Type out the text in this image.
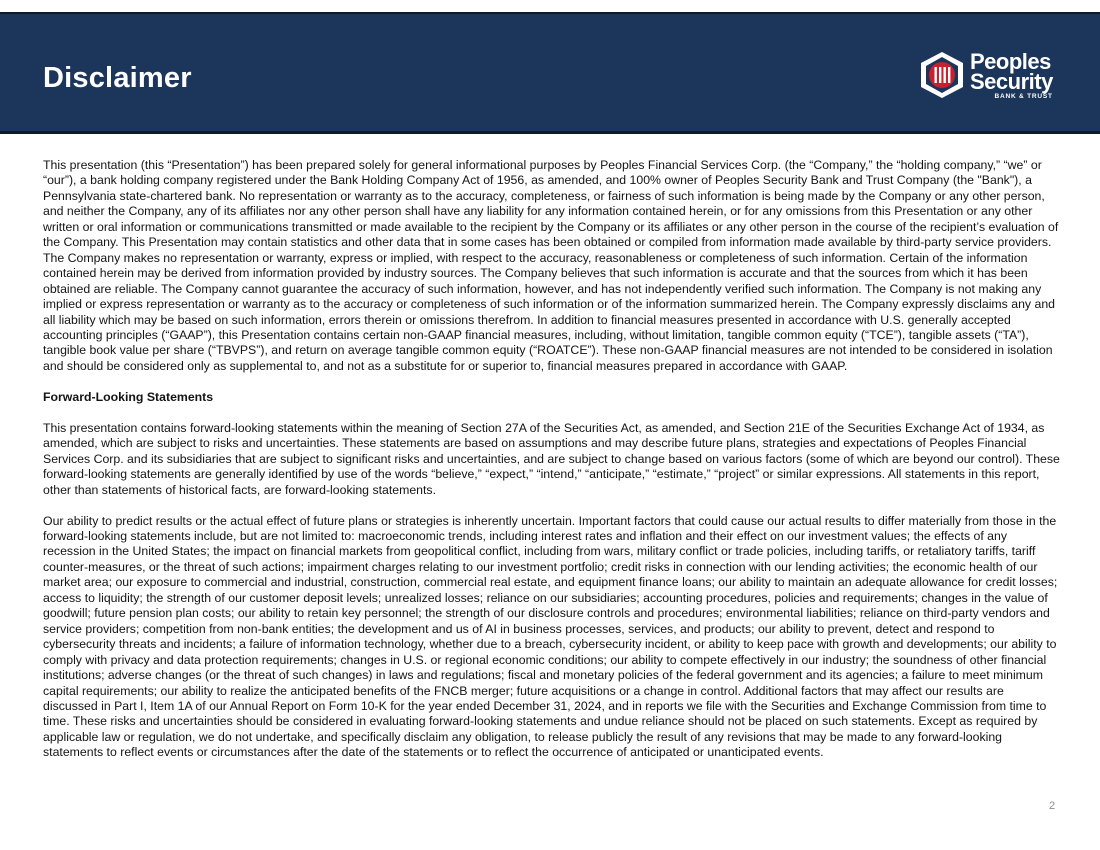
Disclaimer
Peoples
Security
BANK & TRUST

This presentation (this “Presentation”) has been prepared solely for general informational purposes by Peoples Financial Services Corp. (the “Company,” the “holding company,” “we” or “our”), a bank holding company registered under the Bank Holding Company Act of 1956, as amended, and 100% owner of Peoples Security Bank and Trust Company (the "Bank"), a Pennsylvania state-chartered bank. No representation or warranty as to the accuracy, completeness, or fairness of such information is being made by the Company or any other person, and neither the Company, any of its affiliates nor any other person shall have any liability for any information contained herein, or for any omissions from this Presentation or any other written or oral information or communications transmitted or made available to the recipient by the Company or its affiliates or any other person in the course of the recipient’s evaluation of the Company. This Presentation may contain statistics and other data that in some cases has been obtained or compiled from information made available by third-party service providers. The Company makes no representation or warranty, express or implied, with respect to the accuracy, reasonableness or completeness of such information. Certain of the information contained herein may be derived from information provided by industry sources. The Company believes that such information is accurate and that the sources from which it has been obtained are reliable. The Company cannot guarantee the accuracy of such information, however, and has not independently verified such information. The Company is not making any implied or express representation or warranty as to the accuracy or completeness of such information or of the information summarized herein. The Company expressly disclaims any and all liability which may be based on such information, errors therein or omissions therefrom. In addition to financial measures presented in accordance with U.S. generally accepted accounting principles (“GAAP”), this Presentation contains certain non-GAAP financial measures, including, without limitation, tangible common equity (“TCE”), tangible assets (“TA”), tangible book value per share (“TBVPS”), and return on average tangible common equity (“ROATCE”). These non-GAAP financial measures are not intended to be considered in isolation and should be considered only as supplemental to, and not as a substitute for or superior to, financial measures prepared in accordance with GAAP.

Forward-Looking Statements

This presentation contains forward-looking statements within the meaning of Section 27A of the Securities Act, as amended, and Section 21E of the Securities Exchange Act of 1934, as amended, which are subject to risks and uncertainties. These statements are based on assumptions and may describe future plans, strategies and expectations of Peoples Financial Services Corp. and its subsidiaries that are subject to significant risks and uncertainties, and are subject to change based on various factors (some of which are beyond our control). These forward-looking statements are generally identified by use of the words “believe,” “expect,” “intend,” “anticipate,” “estimate,” “project” or similar expressions. All statements in this report, other than statements of historical facts, are forward-looking statements.

Our ability to predict results or the actual effect of future plans or strategies is inherently uncertain. Important factors that could cause our actual results to differ materially from those in the forward-looking statements include, but are not limited to: macroeconomic trends, including interest rates and inflation and their effect on our investment values; the effects of any recession in the United States; the impact on financial markets from geopolitical conflict, including from wars, military conflict or trade policies, including tariffs, or retaliatory tariffs, tariff counter-measures, or the threat of such actions; impairment charges relating to our investment portfolio; credit risks in connection with our lending activities; the economic health of our market area; our exposure to commercial and industrial, construction, commercial real estate, and equipment finance loans; our ability to maintain an adequate allowance for credit losses; access to liquidity; the strength of our customer deposit levels; unrealized losses; reliance on our subsidiaries; accounting procedures, policies and requirements; changes in the value of goodwill; future pension plan costs; our ability to retain key personnel; the strength of our disclosure controls and procedures; environmental liabilities; reliance on third-party vendors and service providers; competition from non-bank entities; the development and us of AI in business processes, services, and products; our ability to prevent, detect and respond to cybersecurity threats and incidents; a failure of information technology, whether due to a breach, cybersecurity incident, or ability to keep pace with growth and developments; our ability to comply with privacy and data protection requirements; changes in U.S. or regional economic conditions; our ability to compete effectively in our industry; the soundness of other financial institutions; adverse changes (or the threat of such changes) in laws and regulations; fiscal and monetary policies of the federal government and its agencies; a failure to meet minimum capital requirements; our ability to realize the anticipated benefits of the FNCB merger; future acquisitions or a change in control. Additional factors that may affect our results are discussed in Part I, Item 1A of our Annual Report on Form 10-K for the year ended December 31, 2024, and in reports we file with the Securities and Exchange Commission from time to time. These risks and uncertainties should be considered in evaluating forward-looking statements and undue reliance should not be placed on such statements. Except as required by applicable law or regulation, we do not undertake, and specifically disclaim any obligation, to release publicly the result of any revisions that may be made to any forward-looking statements to reflect events or circumstances after the date of the statements or to reflect the occurrence of anticipated or unanticipated events.

2
